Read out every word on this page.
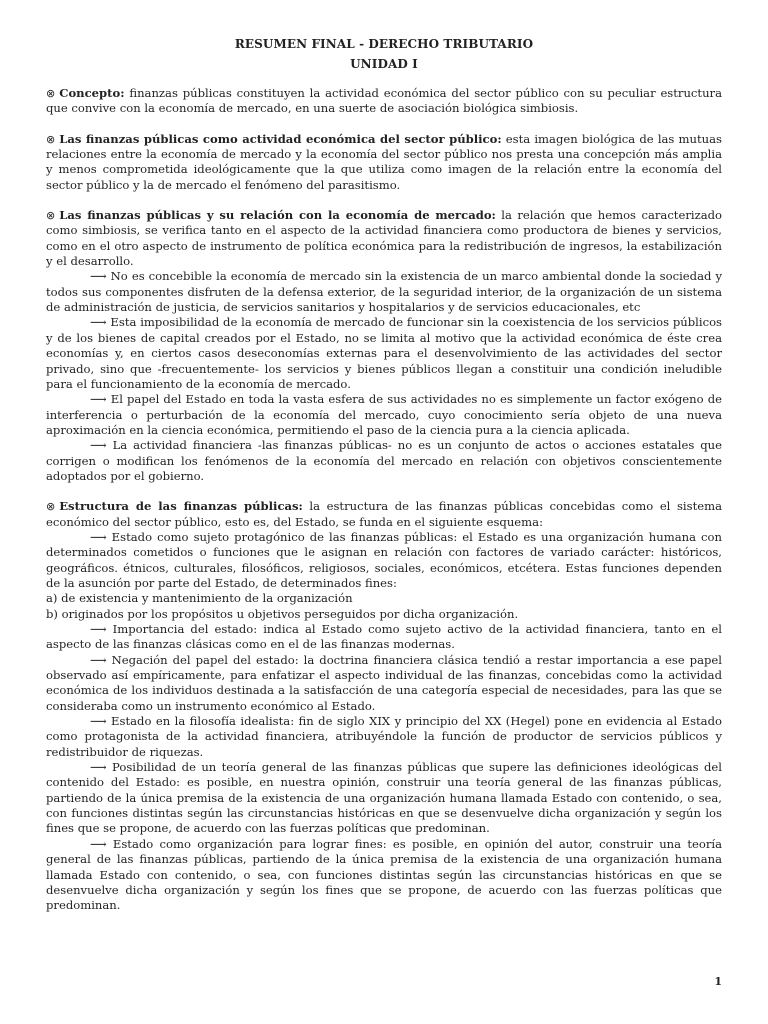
RESUMEN FINAL - DERECHO TRIBUTARIO

UNIDAD I

⊗ Concepto: finanzas públicas constituyen la actividad económica del sector público con su peculiar estructura que convive con la economía de mercado, en una suerte de asociación biológica simbiosis.

⊗ Las finanzas públicas como actividad económica del sector público: esta imagen biológica de las mutuas relaciones entre la economía de mercado y la economía del sector público nos presta una concepción más amplia y menos comprometida ideológicamente que la que utiliza como imagen de la relación entre la economía del sector público y la de mercado el fenómeno del parasitismo.

⊗ Las finanzas públicas y su relación con la economía de mercado: la relación que hemos caracterizado como simbiosis, se verifica tanto en el aspecto de la actividad financiera como productora de bienes y servicios, como en el otro aspecto de instrumento de política económica para la redistribución de ingresos, la estabilización y el desarrollo.

⟶ No es concebible la economía de mercado sin la existencia de un marco ambiental donde la sociedad y todos sus componentes disfruten de la defensa exterior, de la seguridad interior, de la organización de un sistema de administración de justicia, de servicios sanitarios y hospitalarios y de servicios educacionales, etc

⟶ Esta imposibilidad de la economía de mercado de funcionar sin la coexistencia de los servicios públicos y de los bienes de capital creados por el Estado, no se limita al motivo que la actividad económica de éste crea economías y, en ciertos casos deseconomías externas para el desenvolvimiento de las actividades del sector privado, sino que -frecuentemente- los servicios y bienes públicos llegan a constituir una condición ineludible para el funcionamiento de la economía de mercado.

⟶ El papel del Estado en toda la vasta esfera de sus actividades no es simplemente un factor exógeno de interferencia o perturbación de la economía del mercado, cuyo conocimiento sería objeto de una nueva aproximación en la ciencia económica, permitiendo el paso de la ciencia pura a la ciencia aplicada.

⟶ La actividad financiera -las finanzas públicas- no es un conjunto de actos o acciones estatales que corrigen o modifican los fenómenos de la economía del mercado en relación con objetivos conscientemente adoptados por el gobierno.

⊗ Estructura de las finanzas públicas: la estructura de las finanzas públicas concebidas como el sistema económico del sector público, esto es, del Estado, se funda en el siguiente esquema:

⟶ Estado como sujeto protagónico de las finanzas públicas: el Estado es una organización humana con determinados cometidos o funciones que le asignan en relación con factores de variado carácter: históricos, geográficos. étnicos, culturales, filosóficos, religiosos, sociales, económicos, etcétera. Estas funciones dependen de la asunción por parte del Estado, de determinados fines:

a) de existencia y mantenimiento de la organización

b) originados por los propósitos u objetivos perseguidos por dicha organización.

⟶ Importancia del estado: indica al Estado como sujeto activo de la actividad financiera, tanto en el aspecto de las finanzas clásicas como en el de las finanzas modernas.

⟶ Negación del papel del estado: la doctrina financiera clásica tendió a restar importancia a ese papel observado así empíricamente, para enfatizar el aspecto individual de las finanzas, concebidas como la actividad económica de los individuos destinada a la satisfacción de una categoría especial de necesidades, para las que se consideraba como un instrumento económico al Estado.

⟶ Estado en la filosofía idealista: fin de siglo XIX y principio del XX (Hegel) pone en evidencia al Estado como protagonista de la actividad financiera, atribuyéndole la función de productor de servicios públicos y redistribuidor de riquezas.

⟶ Posibilidad de un teoría general de las finanzas públicas que supere las definiciones ideológicas del contenido del Estado: es posible, en nuestra opinión, construir una teoría general de las finanzas públicas, partiendo de la única premisa de la existencia de una organización humana llamada Estado con contenido, o sea, con funciones distintas según las circunstancias históricas en que se desenvuelve dicha organización y según los fines que se propone, de acuerdo con las fuerzas políticas que predominan.

⟶ Estado como organización para lograr fines: es posible, en opinión del autor, construir una teoría general de las finanzas públicas, partiendo de la única premisa de la existencia de una organización humana llamada Estado con contenido, o sea, con funciones distintas según las circunstancias históricas en que se desenvuelve dicha organización y según los fines que se propone, de acuerdo con las fuerzas políticas que predominan.

1
